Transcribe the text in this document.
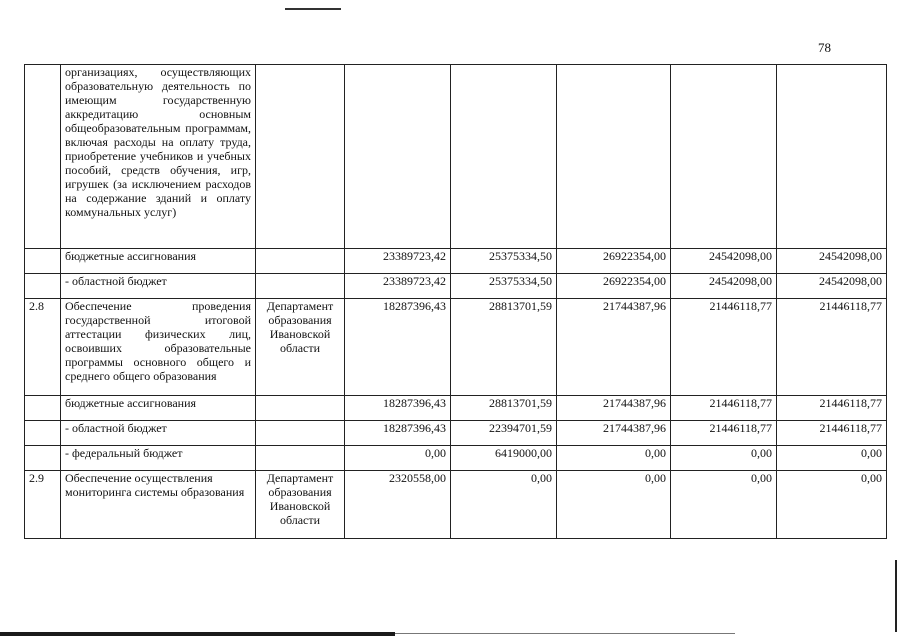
78
	организациях, осуществляющих образовательную деятельность по имеющим государственную аккредитацию основным общеобразовательным программам, включая расходы на оплату труда, приобретение учебников и учебных пособий, средств обучения, игр, игрушек (за исключением расходов на содержание зданий и оплату коммунальных услуг)						
	бюджетные ассигнования		23389723,42	25375334,50	26922354,00	24542098,00	24542098,00
	- областной бюджет		23389723,42	25375334,50	26922354,00	24542098,00	24542098,00
2.8	Обеспечение проведения государственной итоговой аттестации физических лиц, освоивших образовательные программы основного общего и среднего общего образования	Департамент образования Ивановской области	18287396,43	28813701,59	21744387,96	21446118,77	21446118,77
	бюджетные ассигнования		18287396,43	28813701,59	21744387,96	21446118,77	21446118,77
	- областной бюджет		18287396,43	22394701,59	21744387,96	21446118,77	21446118,77
	- федеральный бюджет		0,00	6419000,00	0,00	0,00	0,00
2.9	Обеспечение осуществления мониторинга системы образования	Департамент образования Ивановской области	2320558,00	0,00	0,00	0,00	0,00
